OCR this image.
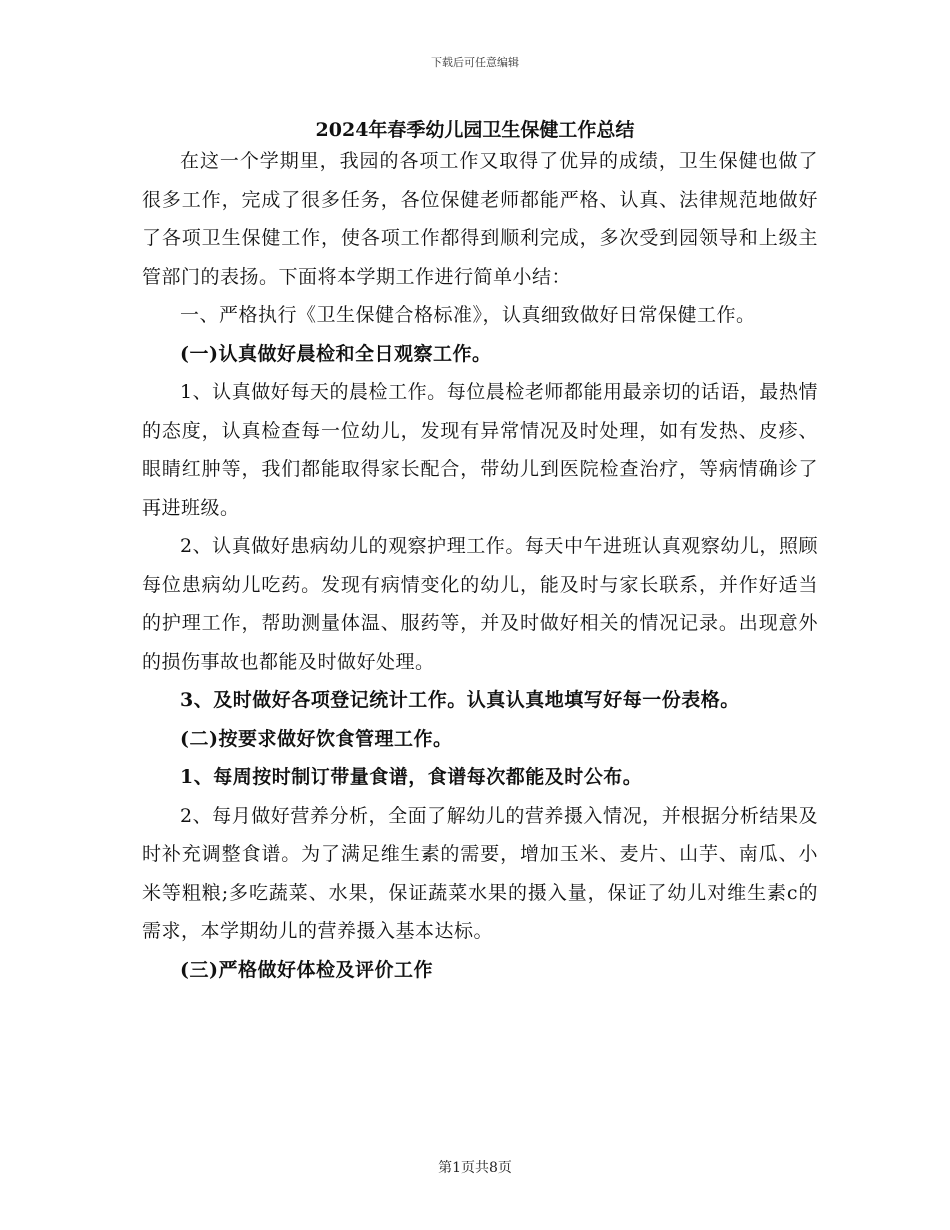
下载后可任意编辑
2024年春季幼儿园卫生保健工作总结

在这一个学期里，我园的各项工作又取得了优异的成绩，卫生保健也做了很多工作，完成了很多任务，各位保健老师都能严格、认真、法律规范地做好了各项卫生保健工作，使各项工作都得到顺利完成，多次受到园领导和上级主管部门的表扬。下面将本学期工作进行简单小结：

一、严格执行《卫生保健合格标准》，认真细致做好日常保健工作。

(一)认真做好晨检和全日观察工作。

1、认真做好每天的晨检工作。每位晨检老师都能用最亲切的话语，最热情的态度，认真检查每一位幼儿，发现有异常情况及时处理，如有发热、皮疹、眼睛红肿等，我们都能取得家长配合，带幼儿到医院检查治疗，等病情确诊了再进班级。

2、认真做好患病幼儿的观察护理工作。每天中午进班认真观察幼儿，照顾每位患病幼儿吃药。发现有病情变化的幼儿，能及时与家长联系，并作好适当的护理工作，帮助测量体温、服药等，并及时做好相关的情况记录。出现意外的损伤事故也都能及时做好处理。

3、及时做好各项登记统计工作。认真认真地填写好每一份表格。

(二)按要求做好饮食管理工作。

1、每周按时制订带量食谱，食谱每次都能及时公布。

2、每月做好营养分析，全面了解幼儿的营养摄入情况，并根据分析结果及时补充调整食谱。为了满足维生素的需要，增加玉米、麦片、山芋、南瓜、小米等粗粮;多吃蔬菜、水果，保证蔬菜水果的摄入量，保证了幼儿对维生素c的需求，本学期幼儿的营养摄入基本达标。

(三)严格做好体检及评价工作

第1页共8页
